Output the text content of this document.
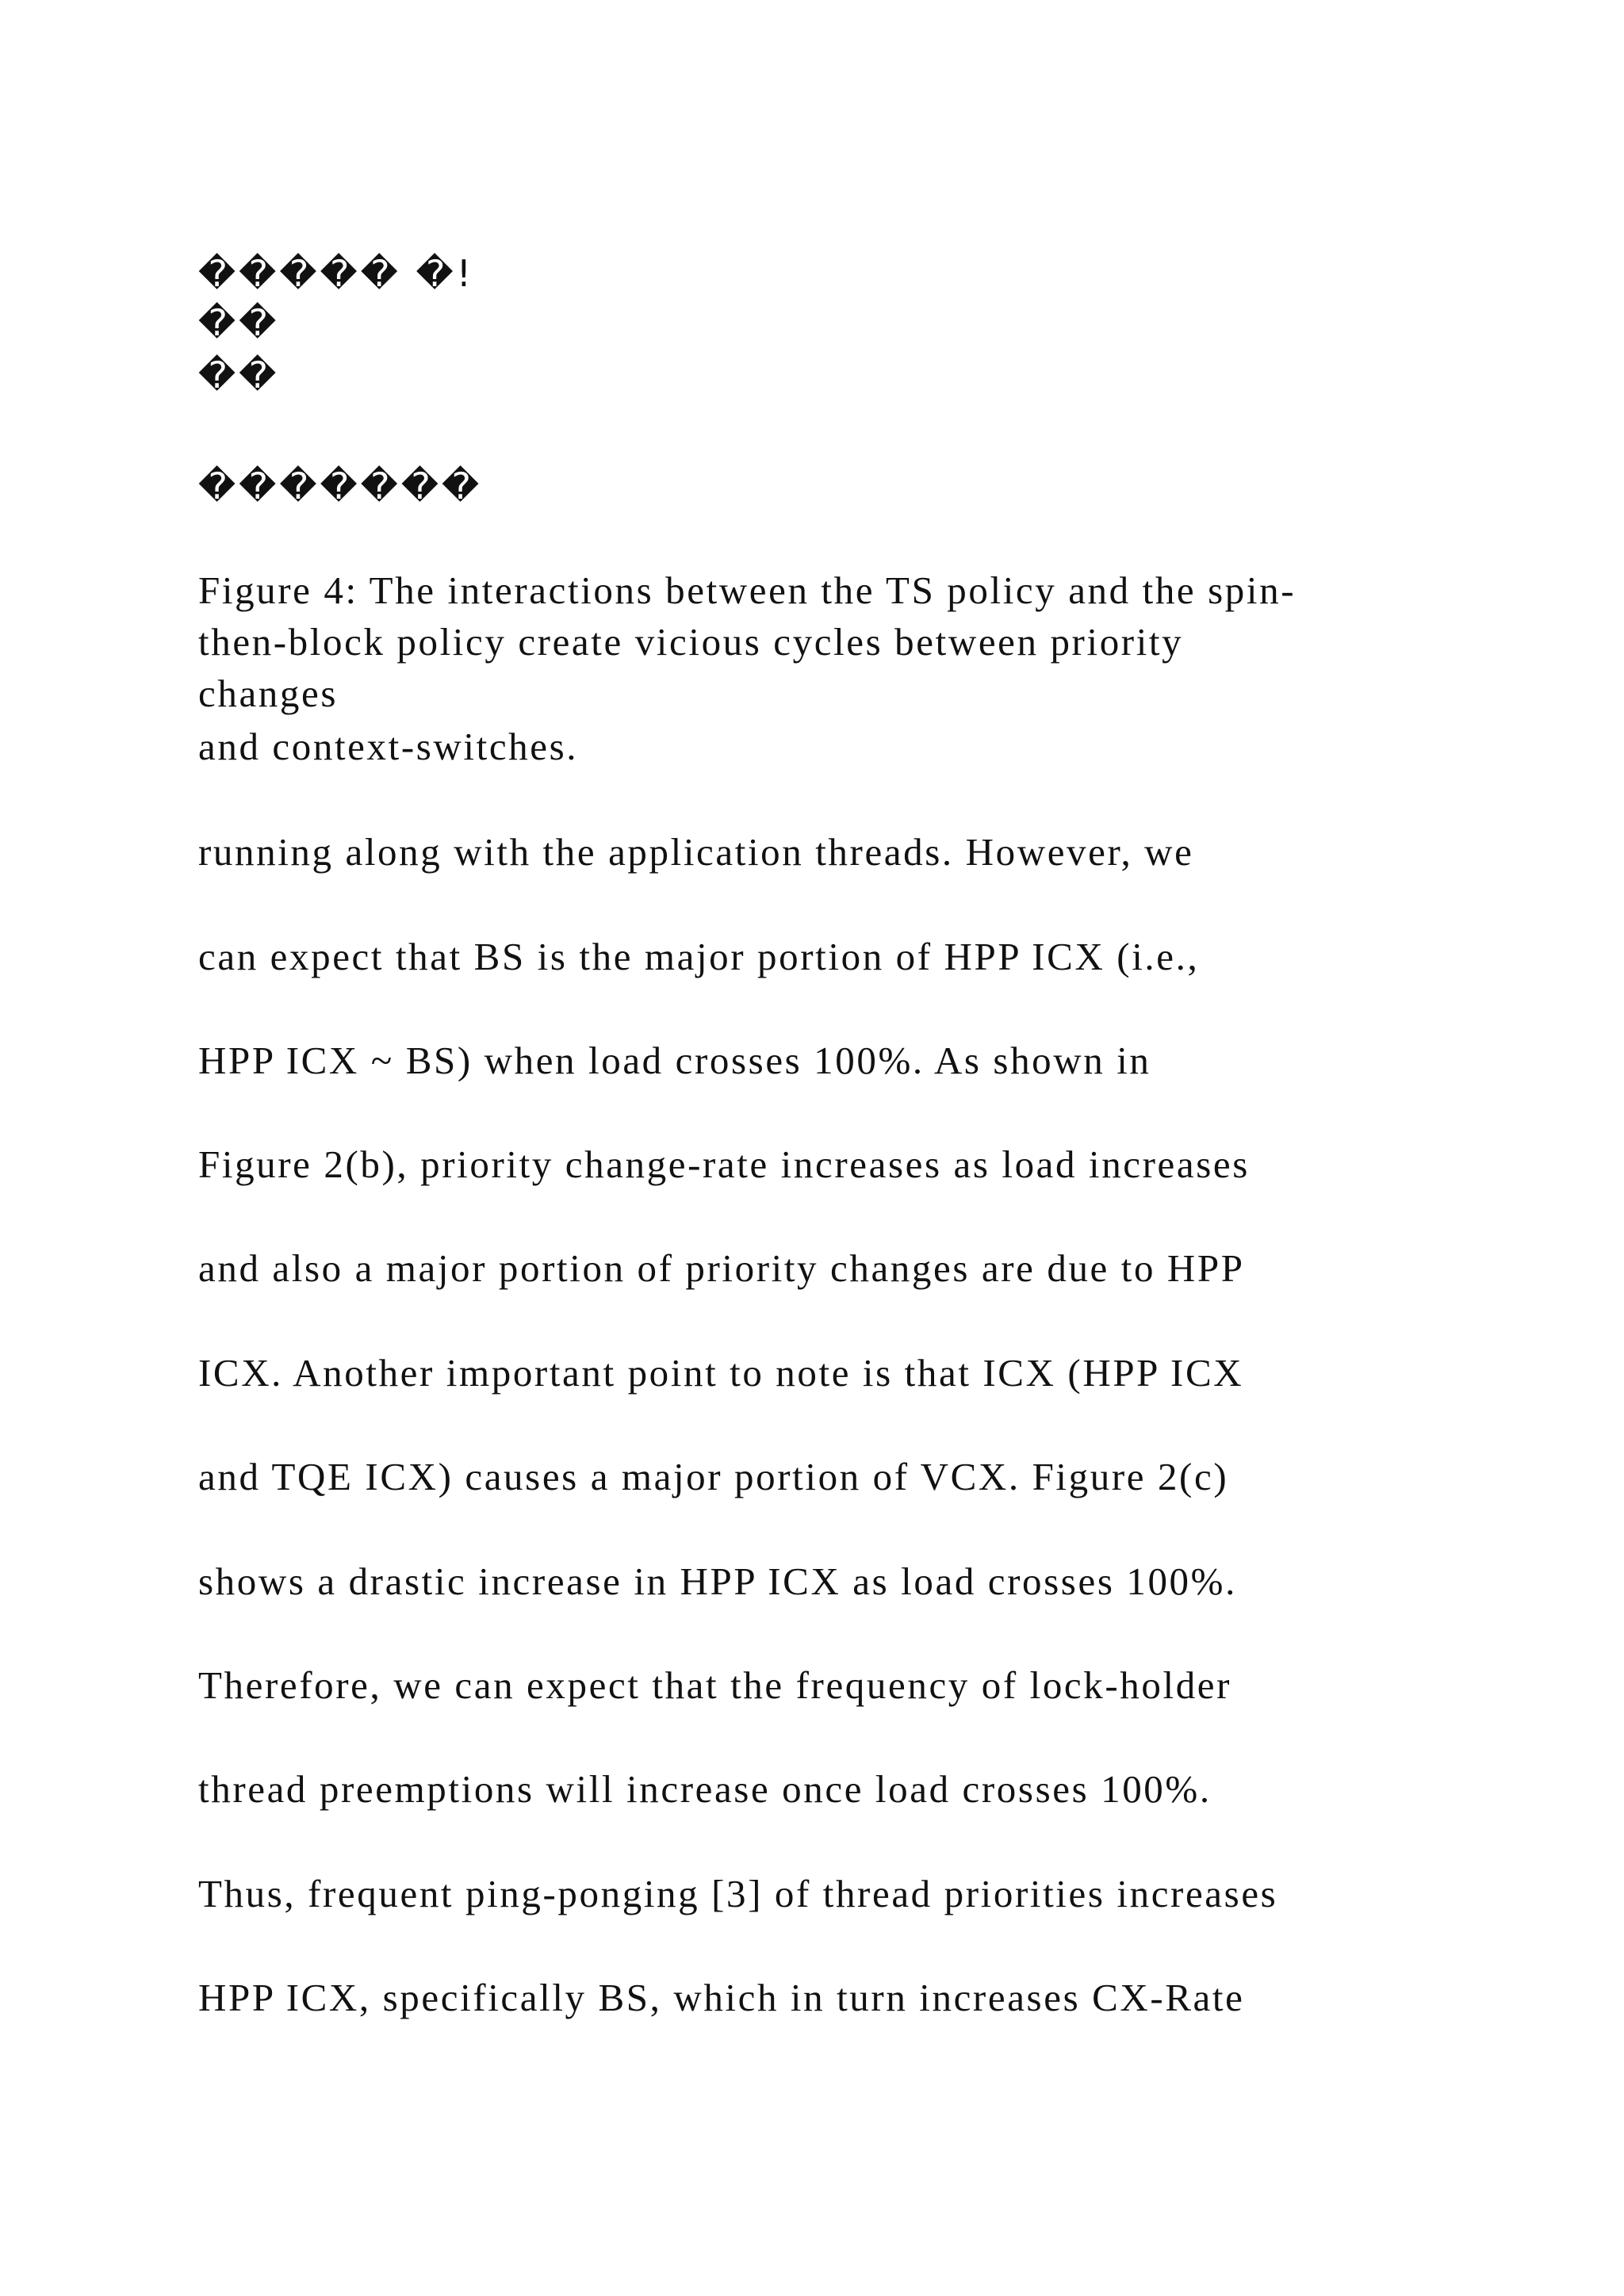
����� �!

��

��

�������

Figure 4: The interactions between the TS policy and the spin-

then-block policy create vicious cycles between priority

changes

and context-switches.

running along with the application threads. However, we

can expect that BS is the major portion of HPP ICX (i.e.,

HPP ICX ~ BS) when load crosses 100%. As shown in

Figure 2(b), priority change-rate increases as load increases

and also a major portion of priority changes are due to HPP

ICX. Another important point to note is that ICX (HPP ICX

and TQE ICX) causes a major portion of VCX. Figure 2(c)

shows a drastic increase in HPP ICX as load crosses 100%.

Therefore, we can expect that the frequency of lock-holder

thread preemptions will increase once load crosses 100%.

Thus, frequent ping-ponging [3] of thread priorities increases

HPP ICX, specifically BS, which in turn increases CX-Rate
